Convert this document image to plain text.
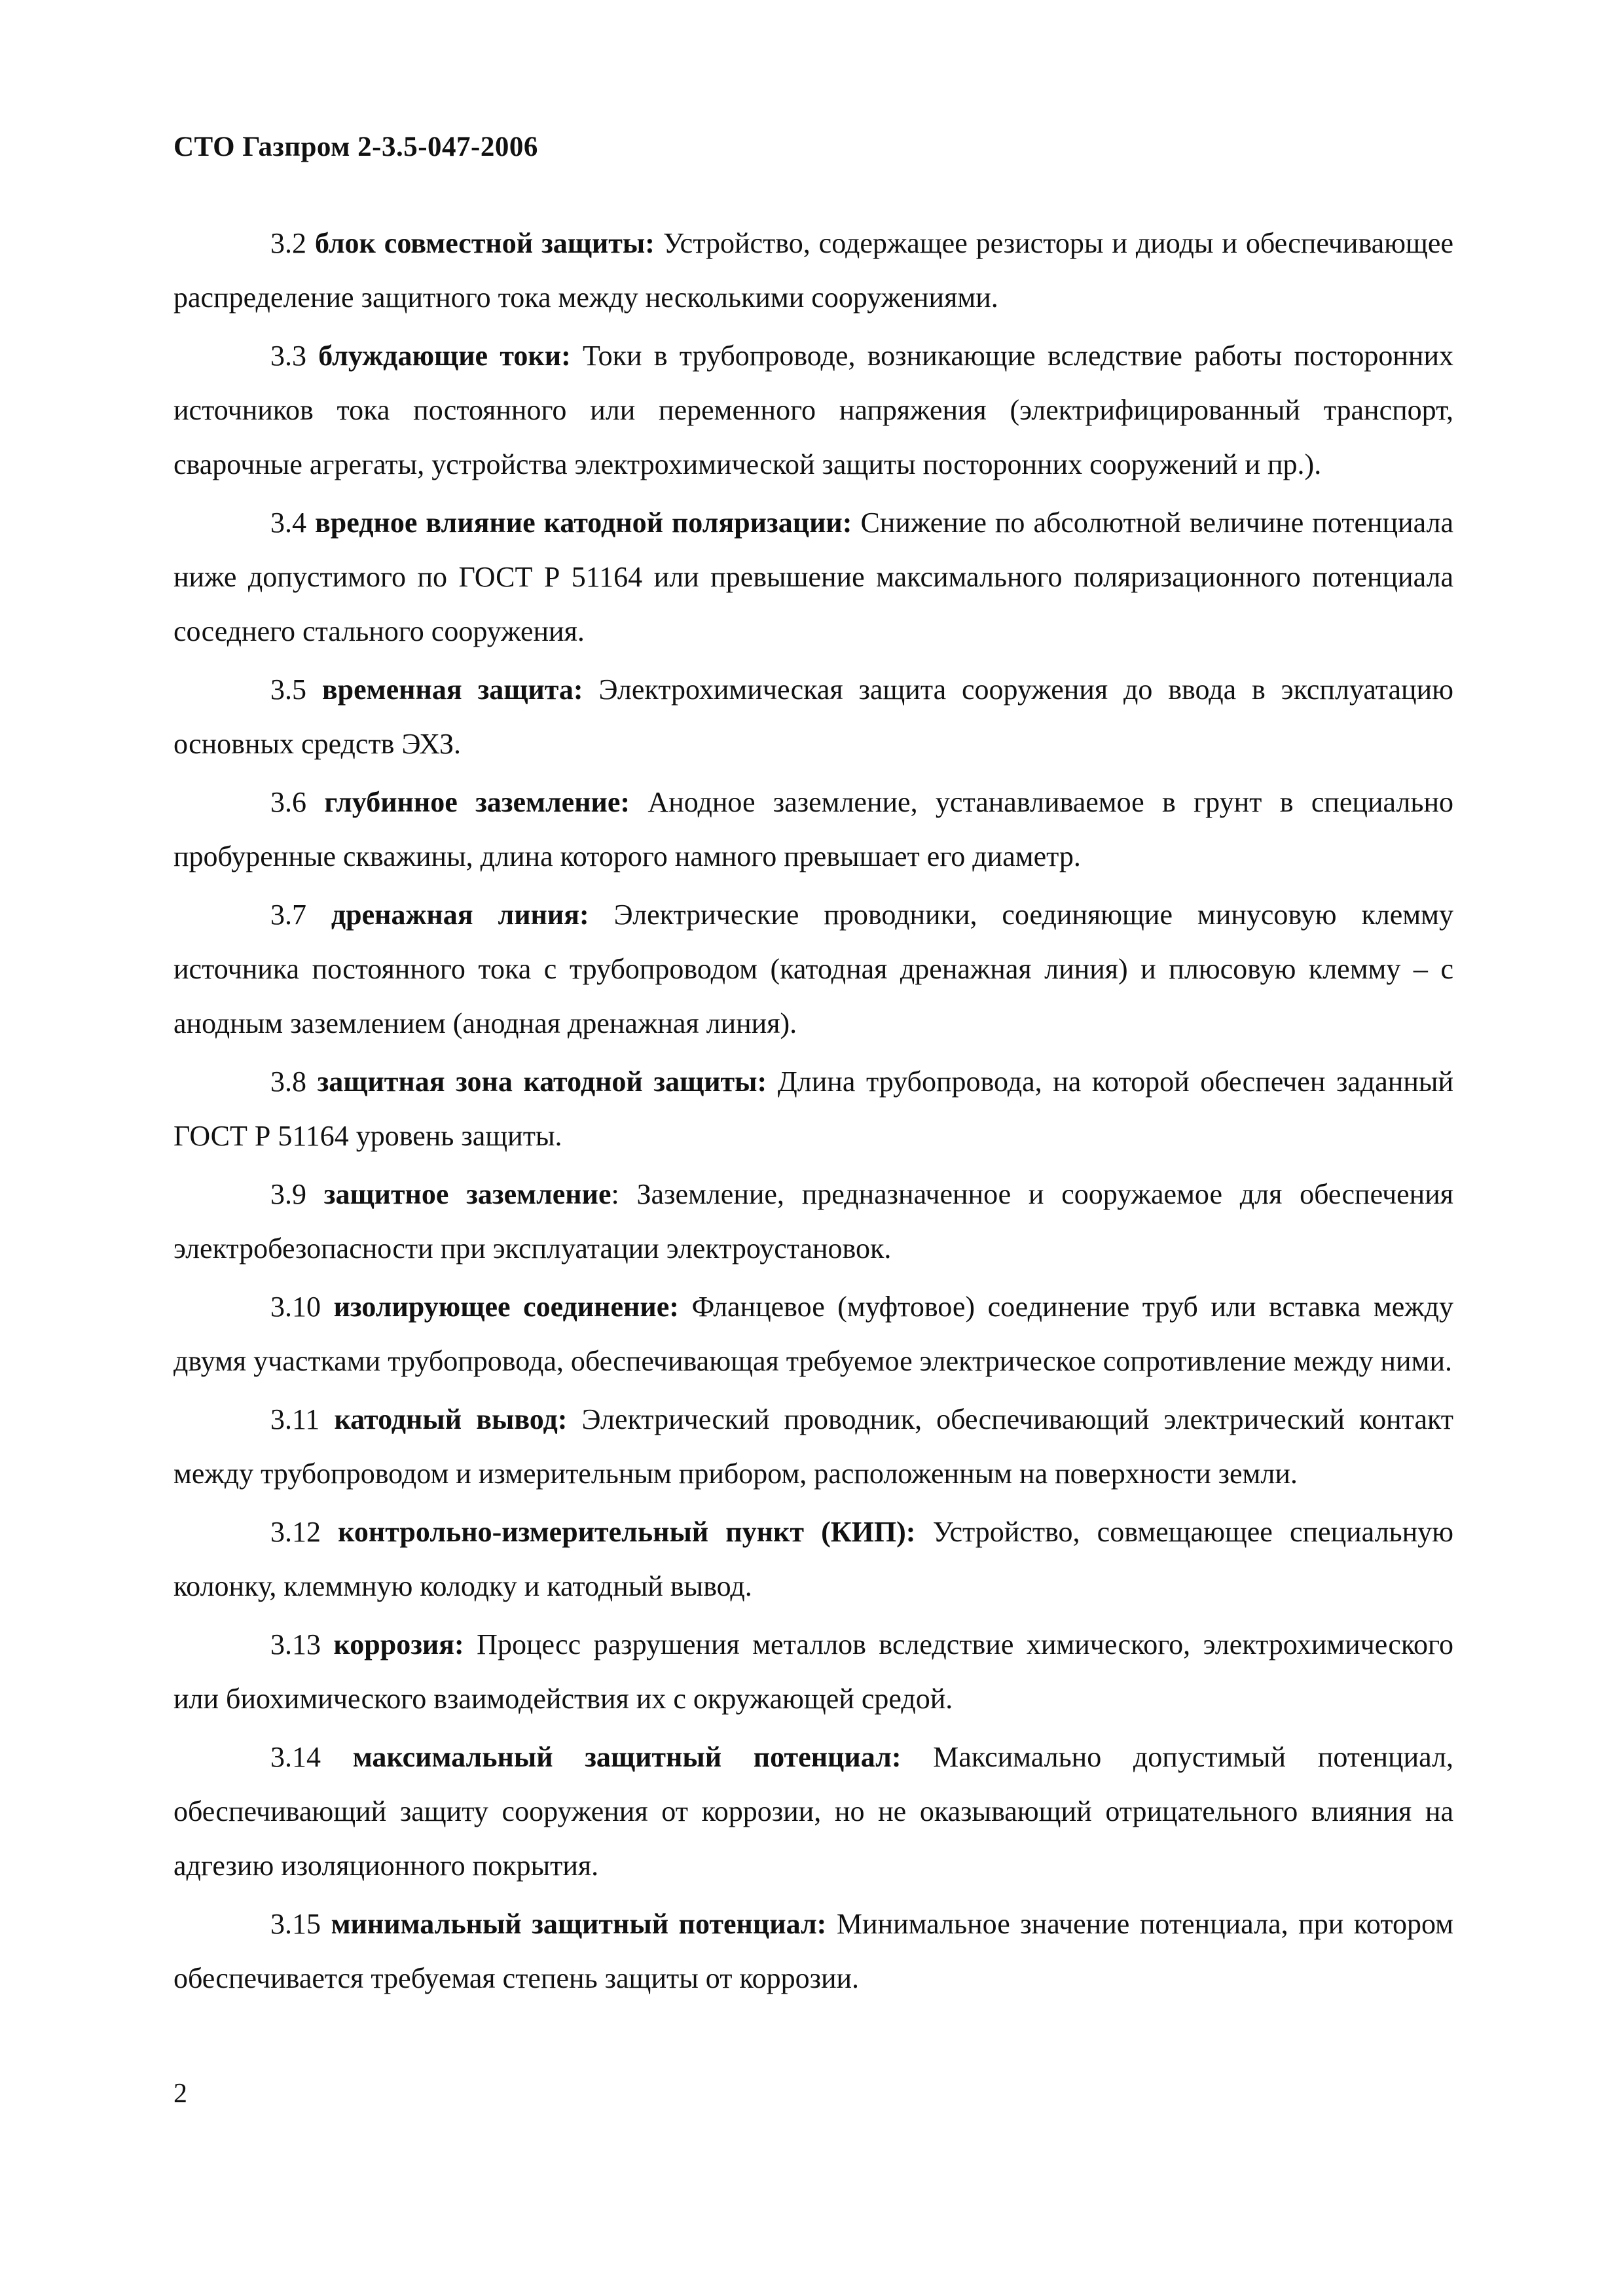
СТО Газпром 2-3.5-047-2006

3.2 блок совместной защиты: Устройство, содержащее резисторы и диоды и обеспечивающее распределение защитного тока между несколькими сооружениями.

3.3 блуждающие токи: Токи в трубопроводе, возникающие вследствие работы посторонних источников тока постоянного или переменного напряжения (электрифицированный транспорт, сварочные агрегаты, устройства электрохимической защиты посторонних сооружений и пр.).

3.4 вредное влияние катодной поляризации: Снижение по абсолютной величине потенциала ниже допустимого по ГОСТ Р 51164 или превышение максимального поляризационного потенциала соседнего стального сооружения.

3.5 временная защита: Электрохимическая защита сооружения до ввода в эксплуатацию основных средств ЭХЗ.

3.6 глубинное заземление: Анодное заземление, устанавливаемое в грунт в специально пробуренные скважины, длина которого намного превышает его диаметр.

3.7 дренажная линия: Электрические проводники, соединяющие минусовую клемму источника постоянного тока с трубопроводом (катодная дренажная линия) и плюсовую клемму – с анодным заземлением (анодная дренажная линия).

3.8 защитная зона катодной защиты: Длина трубопровода, на которой обеспечен заданный ГОСТ Р 51164 уровень защиты.

3.9 защитное заземление: Заземление, предназначенное и сооружаемое для обеспечения электробезопасности при эксплуатации электроустановок.

3.10 изолирующее соединение: Фланцевое (муфтовое) соединение труб или вставка между двумя участками трубопровода, обеспечивающая требуемое электрическое сопротивление между ними.

3.11 катодный вывод: Электрический проводник, обеспечивающий электрический контакт между трубопроводом и измерительным прибором, расположенным на поверхности земли.

3.12 контрольно-измерительный пункт (КИП): Устройство, совмещающее специальную колонку, клеммную колодку и катодный вывод.

3.13 коррозия: Процесс разрушения металлов вследствие химического, электрохимического или биохимического взаимодействия их с окружающей средой.

3.14 максимальный защитный потенциал: Максимально допустимый потенциал, обеспечивающий защиту сооружения от коррозии, но не оказывающий отрицательного влияния на адгезию изоляционного покрытия.

3.15 минимальный защитный потенциал: Минимальное значение потенциала, при котором обеспечивается требуемая степень защиты от коррозии.

2
